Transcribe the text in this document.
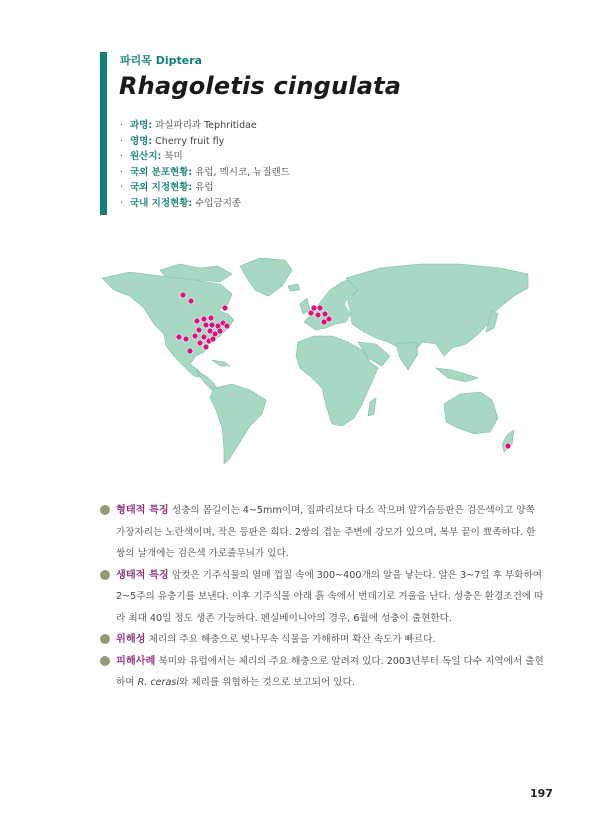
파리목 Diptera
Rhagoletis cingulata
· 과명: 과실파리과 Tephritidae
· 영명: Cherry fruit fly
· 원산지: 북미
· 국외 분포현황: 유럽, 멕시코, 뉴질랜드
· 국외 지정현황: 유럽
· 국내 지정현황: 수입금지종
형태적 특징 성충의 몸길이는 4~5mm이며, 집파리보다 다소 작으며 앞가슴등판은 검은색이고 양쪽 가장자리는 노란색이며, 작은 등판은 희다. 2쌍의 겹눈 주변에 강모가 있으며, 복부 끝이 뾰족하다. 한 쌍의 날개에는 검은색 가로줄무늬가 있다.
생태적 특징 암컷은 기주식물의 열매 껍질 속에 300~400개의 알을 낳는다. 알은 3~7일 후 부화하여 2~5주의 유충기를 보낸다. 이후 기주식물 아래 흙 속에서 번데기로 겨울을 난다. 성충은 환경조건에 따라 최대 40일 정도 생존 가능하다. 펜실베이니아의 경우, 6월에 성충이 출현한다.
위해성 체리의 주요 해충으로 벚나무속 식물을 가해하며 확산 속도가 빠르다.
피해사례 북미와 유럽에서는 체리의 주요 해충으로 알려져 있다. 2003년부터 독일 다수 지역에서 출현하며 R. cerasi와 체리를 위협하는 것으로 보고되어 있다.
197
